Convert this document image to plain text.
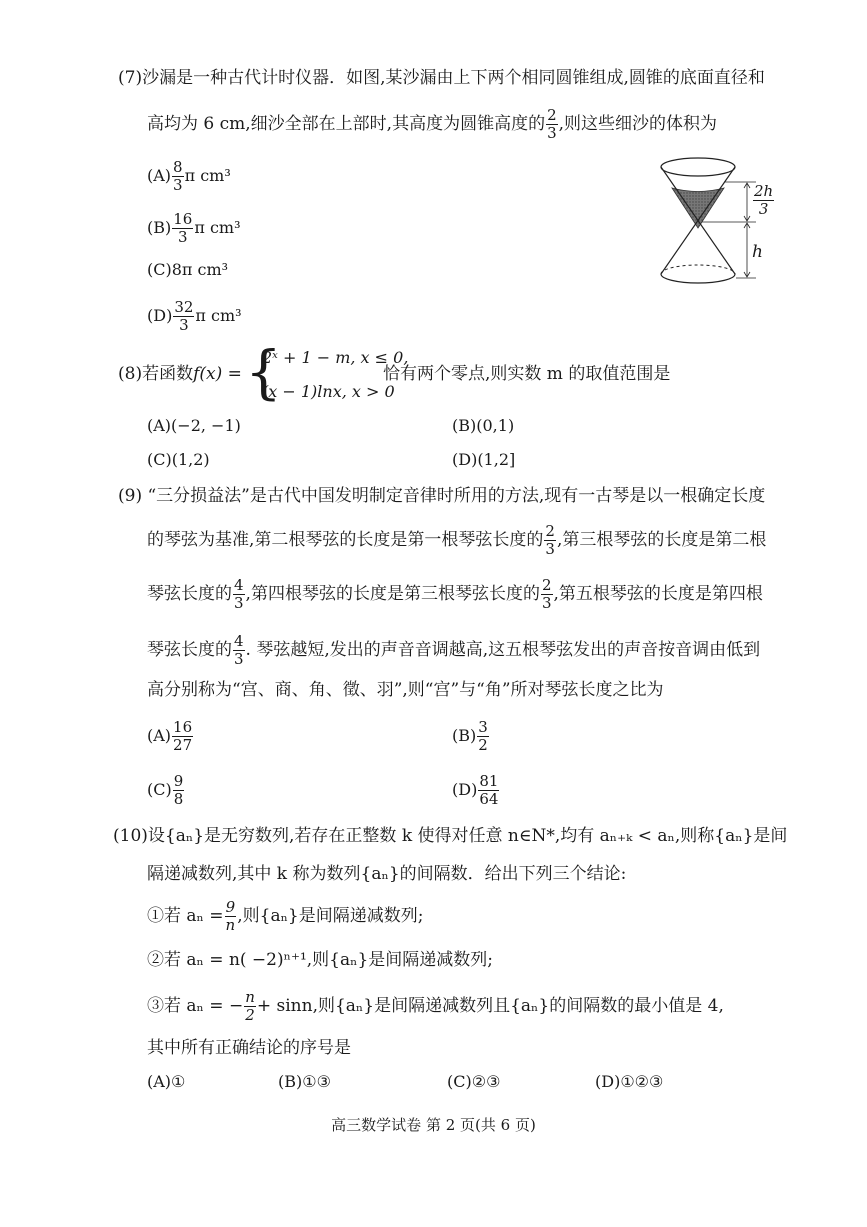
(7)沙漏是一种古代计时仪器．如图,某沙漏由上下两个相同圆锥组成,圆锥的底面直径和
高均为 6 cm,细沙全部在上部时,其高度为圆锥高度的 $\frac{2}{3}$ ,则这些细沙的体积为
$(A) \frac{8}{3}$ π cm³
$(B) \frac{16}{3}$ π cm³
(C)8π cm³
$(D) \frac{32}{3}$ π cm³
$\frac{2h}{3}$
h
(8)若函数f(x) = {
2ˣ + 1 − m, x ≤ 0,
(x − 1)lnx, x > 0
恰有两个零点,则实数 m 的取值范围是
(A)(−2, −1)	(B)(0,1)
(C)(1,2)	(D)(1,2]
(9) “三分损益法”是古代中国发明制定音律时所用的方法,现有一古琴是以一根确定长度
的琴弦为基准,第二根琴弦的长度是第一根琴弦长度的 $\frac{2}{3}$ ,第三根琴弦的长度是第二根
琴弦长度的 $\frac{4}{3}$ ,第四根琴弦的长度是第三根琴弦长度的 $\frac{2}{3}$ ,第五根琴弦的长度是第四根
琴弦长度的 $\frac{4}{3}$ . 琴弦越短,发出的声音音调越高,这五根琴弦发出的声音按音调由低到
高分别称为“宫、商、角、徵、羽”,则“宫”与“角”所对琴弦长度之比为
$(A) \frac{16}{27}$	$(B) \frac{3}{2}$
$(C) \frac{9}{8}$	$(D) \frac{81}{64}$
(10)设{aₙ}是无穷数列,若存在正整数 k 使得对任意 n∈N*,均有 aₙ₊ₖ < aₙ,则称{aₙ}是间
隔递减数列,其中 k 称为数列{aₙ}的间隔数．给出下列三个结论:
①若 $a_n = \frac{9}{n}$ ,则{aₙ}是间隔递减数列;
②若 aₙ = n( −2)ⁿ⁺¹,则{aₙ}是间隔递减数列;
③若 aₙ = − $\frac{n}{2} + \sin n$,则{aₙ}是间隔递减数列且{aₙ}的间隔数的最小值是 4,
其中所有正确结论的序号是
(A)①	(B)①③	(C)②③	(D)①②③
高三数学试卷 第 2 页(共 6 页)
